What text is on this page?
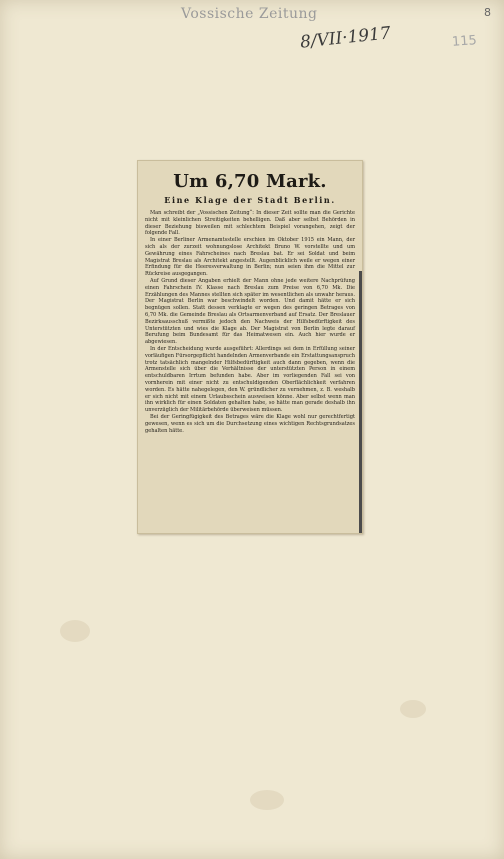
Vossische Zeitung
8/VII·1917	115
8
Um 6,70 Mark.
Eine Klage der Stadt Berlin.

Man schreibt der „Vossischen Zeitung“: In dieser Zeit sollte man die Gerichte nicht mit kleinlichen Streitigkeiten behelligen. Daß aber selbst Behörden in dieser Beziehung bisweilen mit schlechtem Beispiel vorangehen, zeigt der folgende Fall.

In einer Berliner Armenamtsstelle erschien im Oktober 1915 ein Mann, der sich als der zurzeit wohnungslose Architekt Bruno W. vorstellte und um Gewährung eines Fahrscheines nach Breslau bat. Er sei Soldat und beim Magistrat Breslau als Architekt angestellt. Augenblicklich weile er wegen einer Erfindung für die Heeresverwaltung in Berlin; nun seien ihm die Mittel zur Rückreise ausgegangen.

Auf Grund dieser Angaben erhielt der Mann ohne jede weitere Nachprüfung einen Fahrschein IV. Klasse nach Breslau zum Preise von 6,70 Mk. Die Erzählungen des Mannes stellten sich später im wesentlichen als unwahr heraus. Der Magistrat Berlin war beschwindelt worden. Und damit hätte er sich begnügen sollen. Statt dessen verklagte er wegen des geringen Betrages von 6,70 Mk. die Gemeinde Breslau als Ortsarmenverband auf Ersatz. Der Breslauer Bezirksausschuß vermißte jedoch den Nachweis der Hilfsbedürftigkeit des Unterstützten und wies die Klage ab. Der Magistrat von Berlin legte darauf Berufung beim Bundesamt für das Heimatwesen ein. Auch hier wurde er abgewiesen.

In der Entscheidung wurde ausgeführt: Allerdings sei dem in Erfüllung seiner vorläufigen Fürsorgepflicht handelnden Armenverbande ein Erstattungsanspruch trotz tatsächlich mangelnder Hilfsbedürftigkeit auch dann gegeben, wenn die Armenstelle sich über die Verhältnisse der unterstützten Person in einem entschuldbaren Irrtum befunden habe. Aber im vorliegenden Fall sei von vornherein mit einer nicht zu entschuldigenden Oberflächlichkeit verfahren worden. Es hätte nahegelegen, den W. gründlicher zu vernehmen, z. B. weshalb er sich nicht mit einem Urlaubsschein ausweisen könne. Aber selbst wenn man ihn wirklich für einen Soldaten gehalten habe, so hätte man gerade deshalb ihn unverzüglich der Militärbehörde überweisen müssen.

Bei der Geringfügigkeit des Betrages wäre die Klage wohl nur gerechtfertigt gewesen, wenn es sich um die Durchsetzung eines wichtigen Rechtsgrundsatzes gehalten hätte.
